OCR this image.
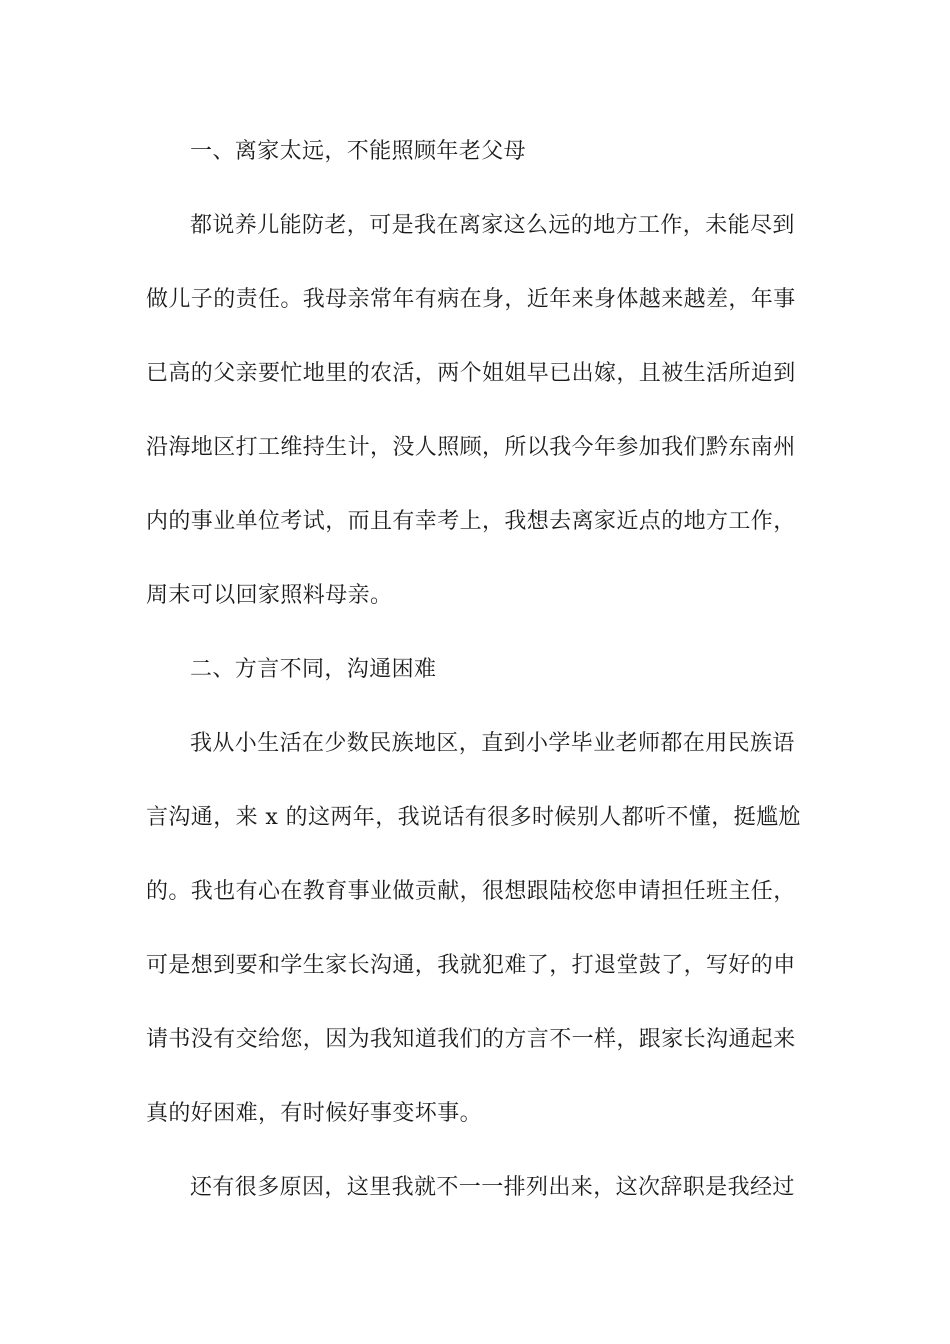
一、离家太远，不能照顾年老父母

都说养儿能防老，可是我在离家这么远的地方工作，未能尽到

做儿子的责任。我母亲常年有病在身，近年来身体越来越差，年事

已高的父亲要忙地里的农活，两个姐姐早已出嫁，且被生活所迫到

沿海地区打工维持生计，没人照顾，所以我今年参加我们黔东南州

内的事业单位考试，而且有幸考上，我想去离家近点的地方工作，

周末可以回家照料母亲。

二、方言不同，沟通困难

我从小生活在少数民族地区，直到小学毕业老师都在用民族语

言沟通，来 x 的这两年，我说话有很多时候别人都听不懂，挺尴尬

的。我也有心在教育事业做贡献，很想跟陆校您申请担任班主任，

可是想到要和学生家长沟通，我就犯难了，打退堂鼓了，写好的申

请书没有交给您，因为我知道我们的方言不一样，跟家长沟通起来

真的好困难，有时候好事变坏事。

还有很多原因，这里我就不一一排列出来，这次辞职是我经过
